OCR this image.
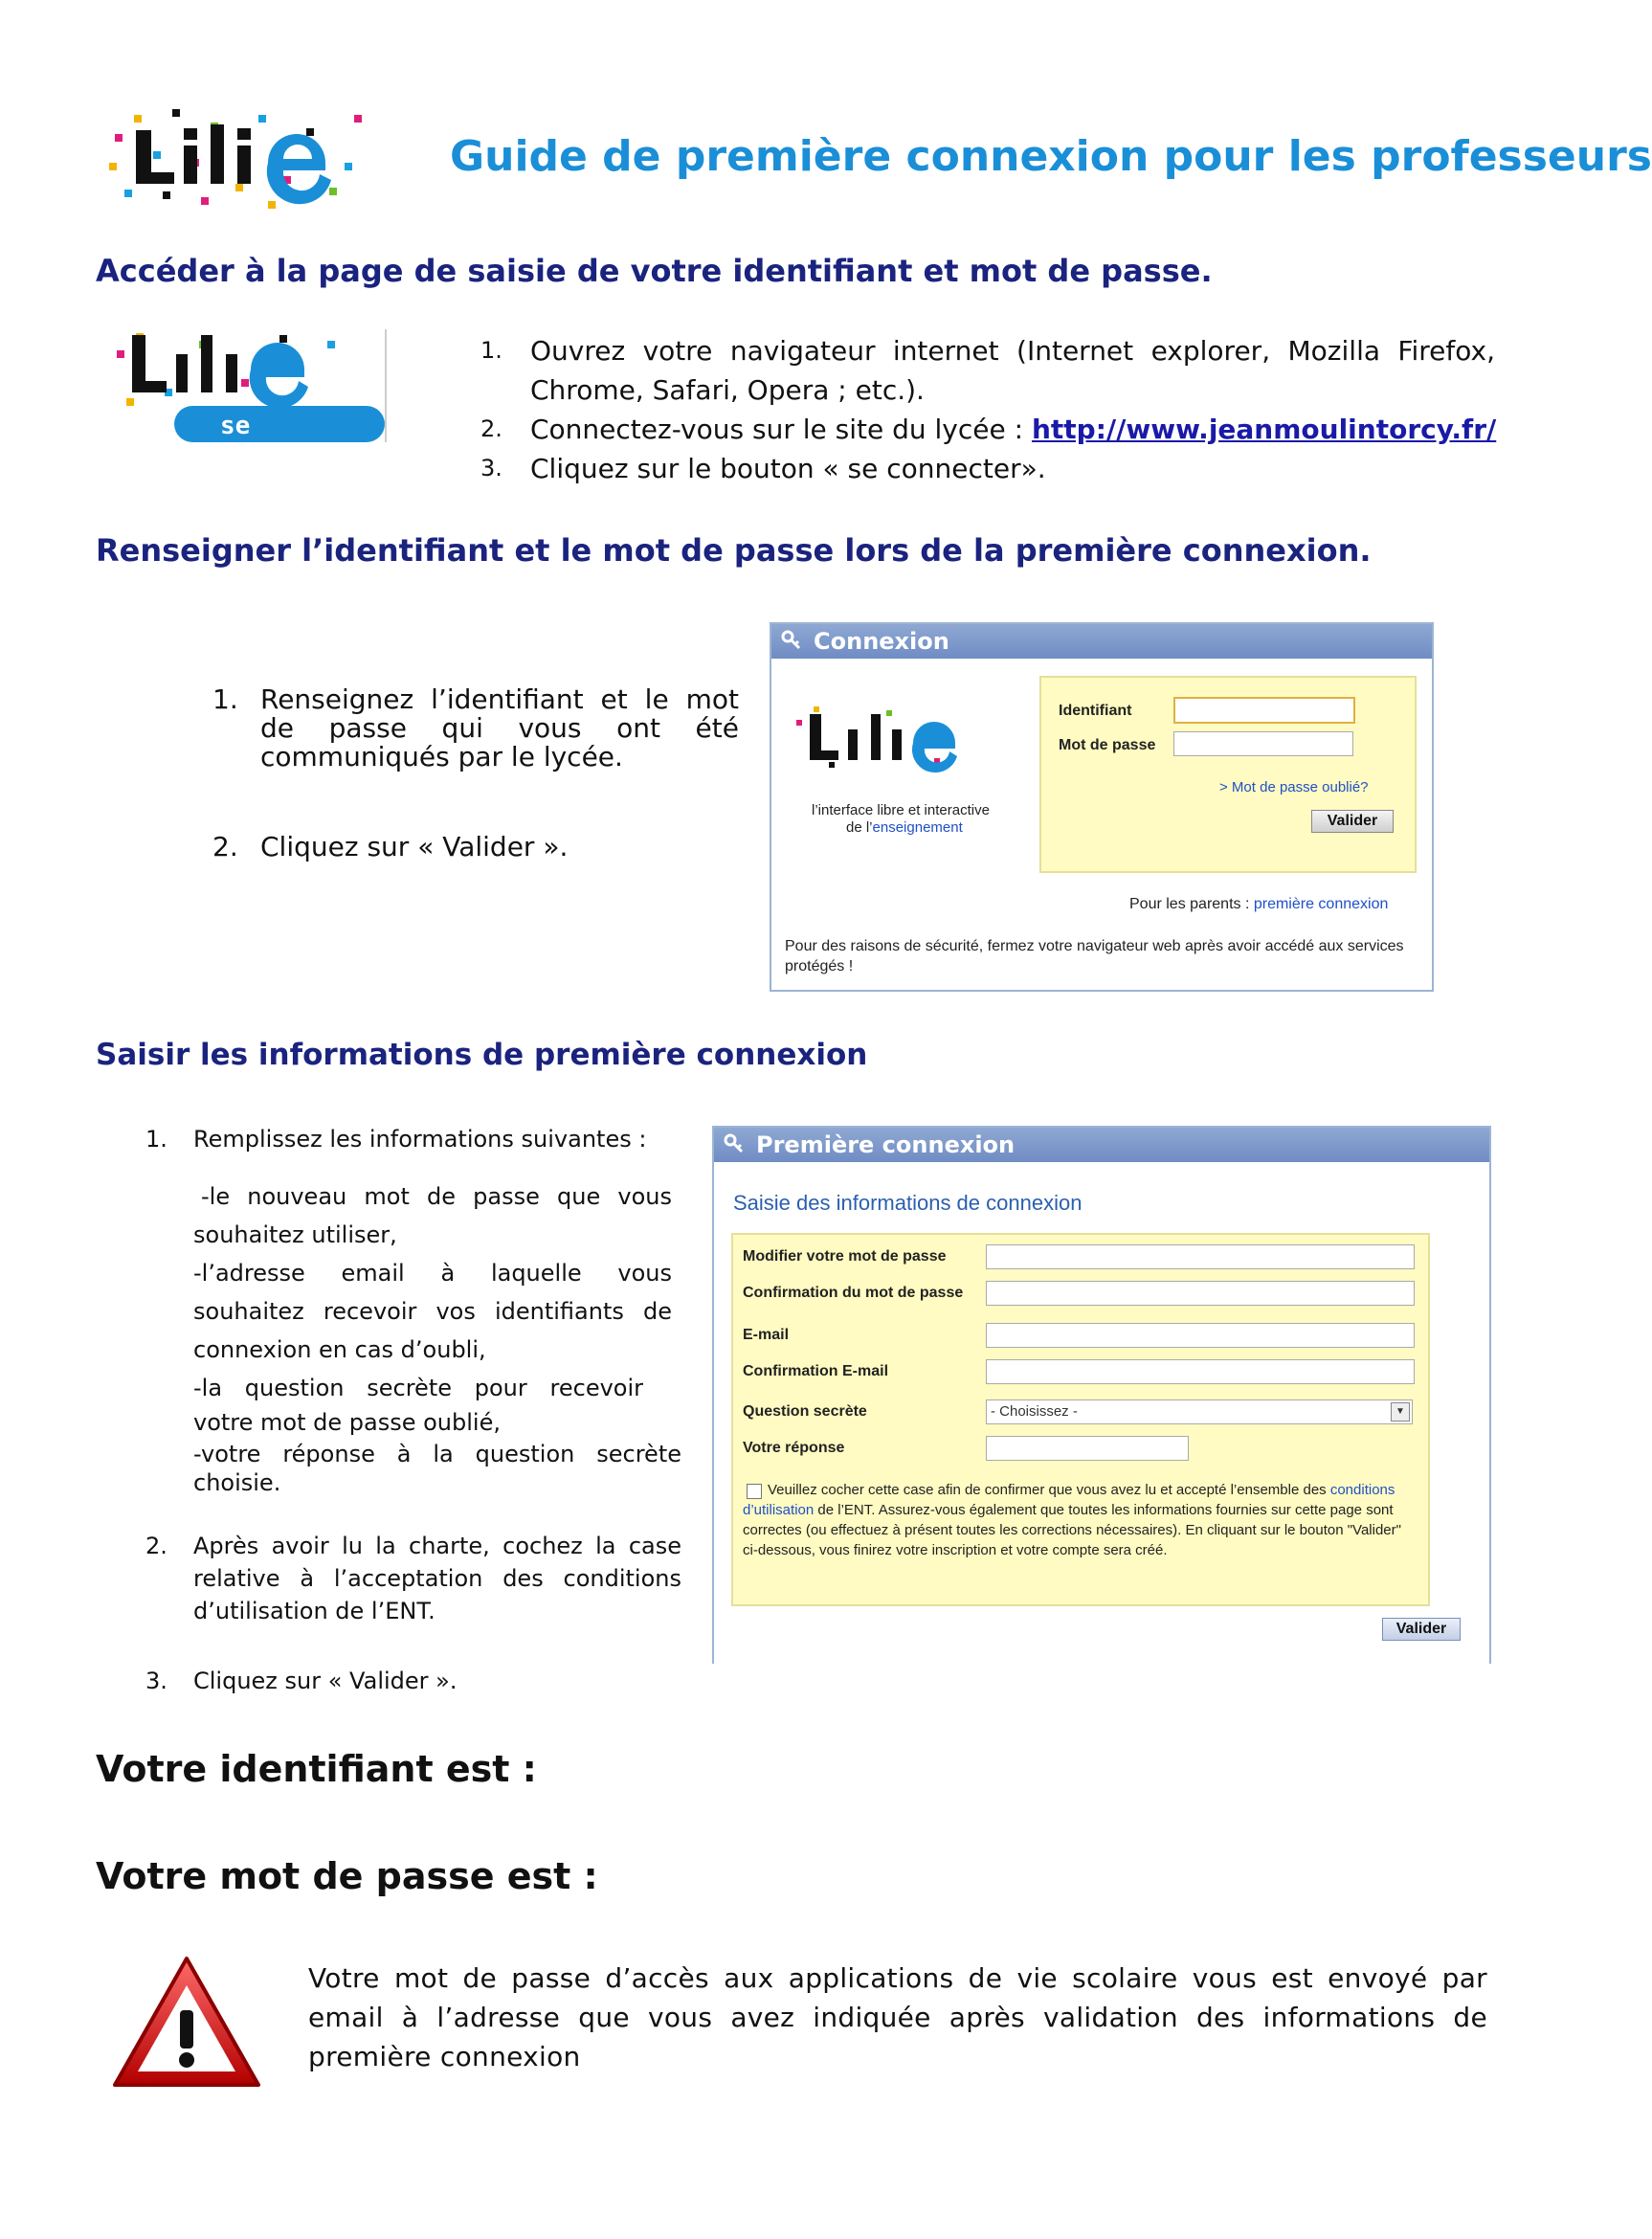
Guide de première connexion pour les professeurs
Accéder à la page de saisie de votre identifiant et mot de passe.
se connecter
1. Ouvrez votre navigateur internet (Internet explorer, Mozilla Firefox, Chrome, Safari, Opera ; etc.).
2. Connectez-vous sur le site du lycée : http://www.jeanmoulintorcy.fr/
3. Cliquez sur le bouton « se connecter».
Renseigner l’identifiant et le mot de passe lors de la première connexion.
1. Renseignez l’identifiant et le mot de passe qui vous ont été communiqués par le lycée.
2. Cliquez sur « Valider ».
Connexion
l’interface libre et interactive
de l’enseignement
Identifiant
Mot de passe
> Mot de passe oublié?
Valider
Pour les parents : première connexion
Pour des raisons de sécurité, fermez votre navigateur web après avoir accédé aux services protégés !
Saisir les informations de première connexion
1. Remplissez les informations suivantes :
-le nouveau mot de passe que vous souhaitez utiliser,
-l’adresse email à laquelle vous souhaitez recevoir vos identifiants de connexion en cas d’oubli,
-la question secrète pour recevoir votre mot de passe oublié,
-votre réponse à la question secrète choisie.
2. Après avoir lu la charte, cochez la case relative à l’acceptation des conditions d’utilisation de l’ENT.
3. Cliquez sur « Valider ».
Première connexion
Saisie des informations de connexion
Modifier votre mot de passe
Confirmation du mot de passe
E-mail
Confirmation E-mail
Question secrète	- Choisissez -	▼
Votre réponse
Veuillez cocher cette case afin de confirmer que vous avez lu et accepté l’ensemble des conditions d’utilisation de l’ENT. Assurez-vous également que toutes les informations fournies sur cette page sont correctes (ou effectuez à présent toutes les corrections nécessaires). En cliquant sur le bouton "Valider" ci-dessous, vous finirez votre inscription et votre compte sera créé.
Valider
Votre identifiant est :
Votre mot de passe est :
Votre mot de passe d’accès aux applications de vie scolaire vous est envoyé par email à l’adresse que vous avez indiquée après validation des informations de première connexion
